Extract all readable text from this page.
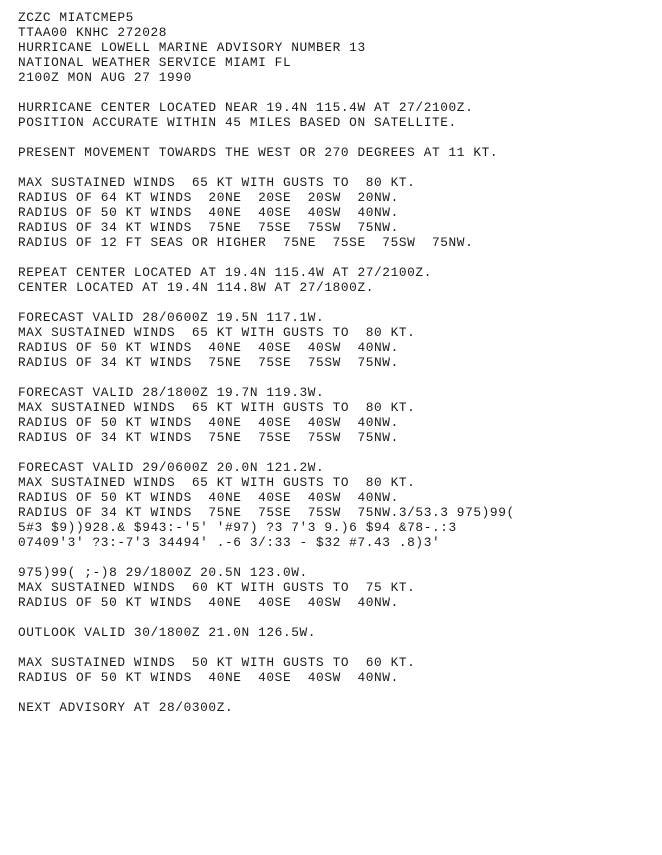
ZCZC MIATCMEP5
TTAA00 KNHC 272028
HURRICANE LOWELL MARINE ADVISORY NUMBER 13
NATIONAL WEATHER SERVICE MIAMI FL
2100Z MON AUG 27 1990
HURRICANE CENTER LOCATED NEAR 19.4N 115.4W AT 27/2100Z.
POSITION ACCURATE WITHIN 45 MILES BASED ON SATELLITE.
PRESENT MOVEMENT TOWARDS THE WEST OR 270 DEGREES AT 11 KT.
MAX SUSTAINED WINDS  65 KT WITH GUSTS TO  80 KT.
RADIUS OF 64 KT WINDS  20NE  20SE  20SW  20NW.
RADIUS OF 50 KT WINDS  40NE  40SE  40SW  40NW.
RADIUS OF 34 KT WINDS  75NE  75SE  75SW  75NW.
RADIUS OF 12 FT SEAS OR HIGHER  75NE  75SE  75SW  75NW.
REPEAT CENTER LOCATED AT 19.4N 115.4W AT 27/2100Z.
CENTER LOCATED AT 19.4N 114.8W AT 27/1800Z.
FORECAST VALID 28/0600Z 19.5N 117.1W.
MAX SUSTAINED WINDS  65 KT WITH GUSTS TO  80 KT.
RADIUS OF 50 KT WINDS  40NE  40SE  40SW  40NW.
RADIUS OF 34 KT WINDS  75NE  75SE  75SW  75NW.
FORECAST VALID 28/1800Z 19.7N 119.3W.
MAX SUSTAINED WINDS  65 KT WITH GUSTS TO  80 KT.
RADIUS OF 50 KT WINDS  40NE  40SE  40SW  40NW.
RADIUS OF 34 KT WINDS  75NE  75SE  75SW  75NW.
FORECAST VALID 29/0600Z 20.0N 121.2W.
MAX SUSTAINED WINDS  65 KT WITH GUSTS TO  80 KT.
RADIUS OF 50 KT WINDS  40NE  40SE  40SW  40NW.
RADIUS OF 34 KT WINDS  75NE  75SE  75SW  75NW.3/53.3 975)99(
5#3 $9))928.& $943:-'5' '#97) ?3 7'3 9.)6 $94 &78-.:3
07409'3' ?3:-7'3 34494' .-6 3/:33 - $32 #7.43 .8)3'
975)99( ;-)8 29/1800Z 20.5N 123.0W.
MAX SUSTAINED WINDS  60 KT WITH GUSTS TO  75 KT.
RADIUS OF 50 KT WINDS  40NE  40SE  40SW  40NW.
OUTLOOK VALID 30/1800Z 21.0N 126.5W.
MAX SUSTAINED WINDS  50 KT WITH GUSTS TO  60 KT.
RADIUS OF 50 KT WINDS  40NE  40SE  40SW  40NW.
NEXT ADVISORY AT 28/0300Z.
